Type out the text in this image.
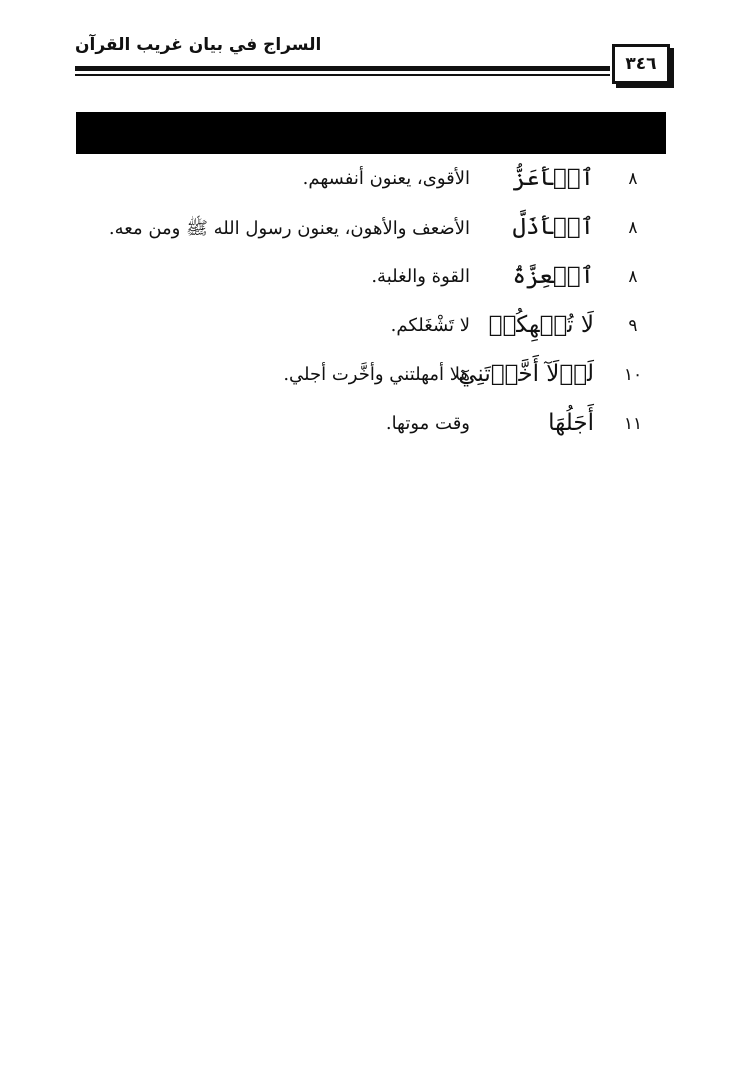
السراج في بيان غريب القرآن
٣٤٦
٨
ٱلۡأَعَزُّ
الأقوى، يعنون أنفسهم.
٨
ٱلۡأَذَلَّ
الأضعف والأهون، يعنون رسول الله ﷺ ومن معه.
٨
ٱلۡعِزَّةُ
القوة والغلبة.
٩
لَا تُلۡهِكُمۡ
لا تَشْغَلكم.
١٠
لَوۡلَآ أَخَّرۡتَنِيٓ
هلا أمهلتني وأخَّرت أجلي.
١١
أَجَلُهَا
وقت موتها.
